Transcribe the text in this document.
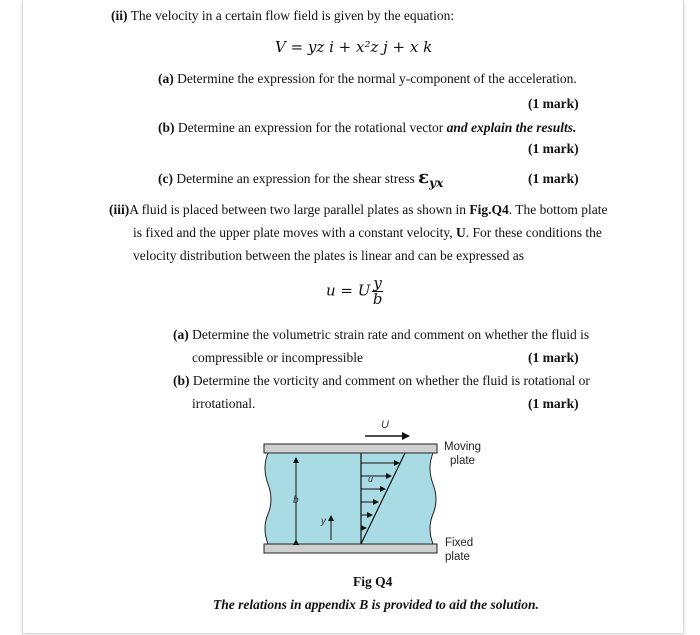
(ii) The velocity in a certain flow field is given by the equation:
V = yz i + x²z j + x k
(a) Determine the expression for the normal y-component of the acceleration.
(1 mark)
(b) Determine an expression for the rotational vector and explain the results.
(1 mark)
(c) Determine an expression for the shear stress εyx	(1 mark)
(iii)A fluid is placed between two large parallel plates as shown in Fig.Q4. The bottom plate
is fixed and the upper plate moves with a constant velocity, U. For these conditions the
velocity distribution between the plates is linear and can be expressed as
u = U $\frac{y}{b}$
(a) Determine the volumetric strain rate and comment on whether the fluid is
compressible or incompressible	(1 mark)
(b) Determine the vorticity and comment on whether the fluid is rotational or
irrotational.	(1 mark)
U
b
y
u
Moving
plate
Fixed
plate
Fig Q4
The relations in appendix B is provided to aid the solution.
